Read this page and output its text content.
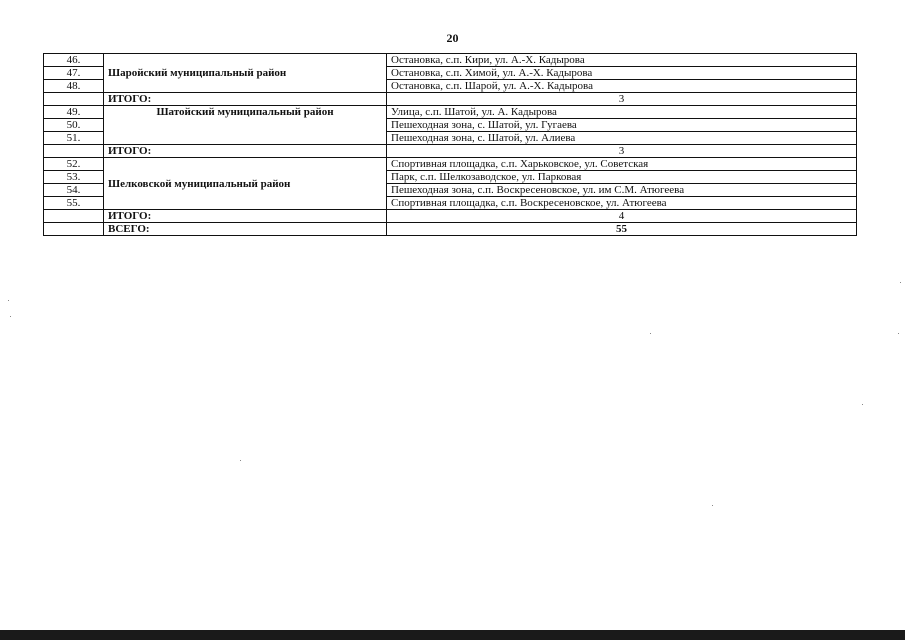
20
46.	Шаройский муниципальный район	Остановка, с.п. Кири, ул. А.-Х. Кадырова
47.		Остановка, с.п. Химой, ул. А.-Х. Кадырова
48.		Остановка, с.п. Шарой, ул. А.-Х. Кадырова
	ИТОГО:	3
49.	Шатойский муниципальный район	Улица, с.п. Шатой, ул. А. Кадырова
50.		Пешеходная зона, с. Шатой, ул. Гугаева
51.		Пешеходная зона, с. Шатой, ул. Алиева
	ИТОГО:	3
52.	Шелковской муниципальный район	Спортивная площадка, с.п. Харьковское, ул. Советская
53.		Парк, с.п. Шелкозаводское, ул. Парковая
54.		Пешеходная зона, с.п. Воскресеновское, ул. им С.М. Атюгеева
55.		Спортивная площадка, с.п. Воскресеновское, ул. Атюгеева
	ИТОГО:	4
	ВСЕГО:	55
